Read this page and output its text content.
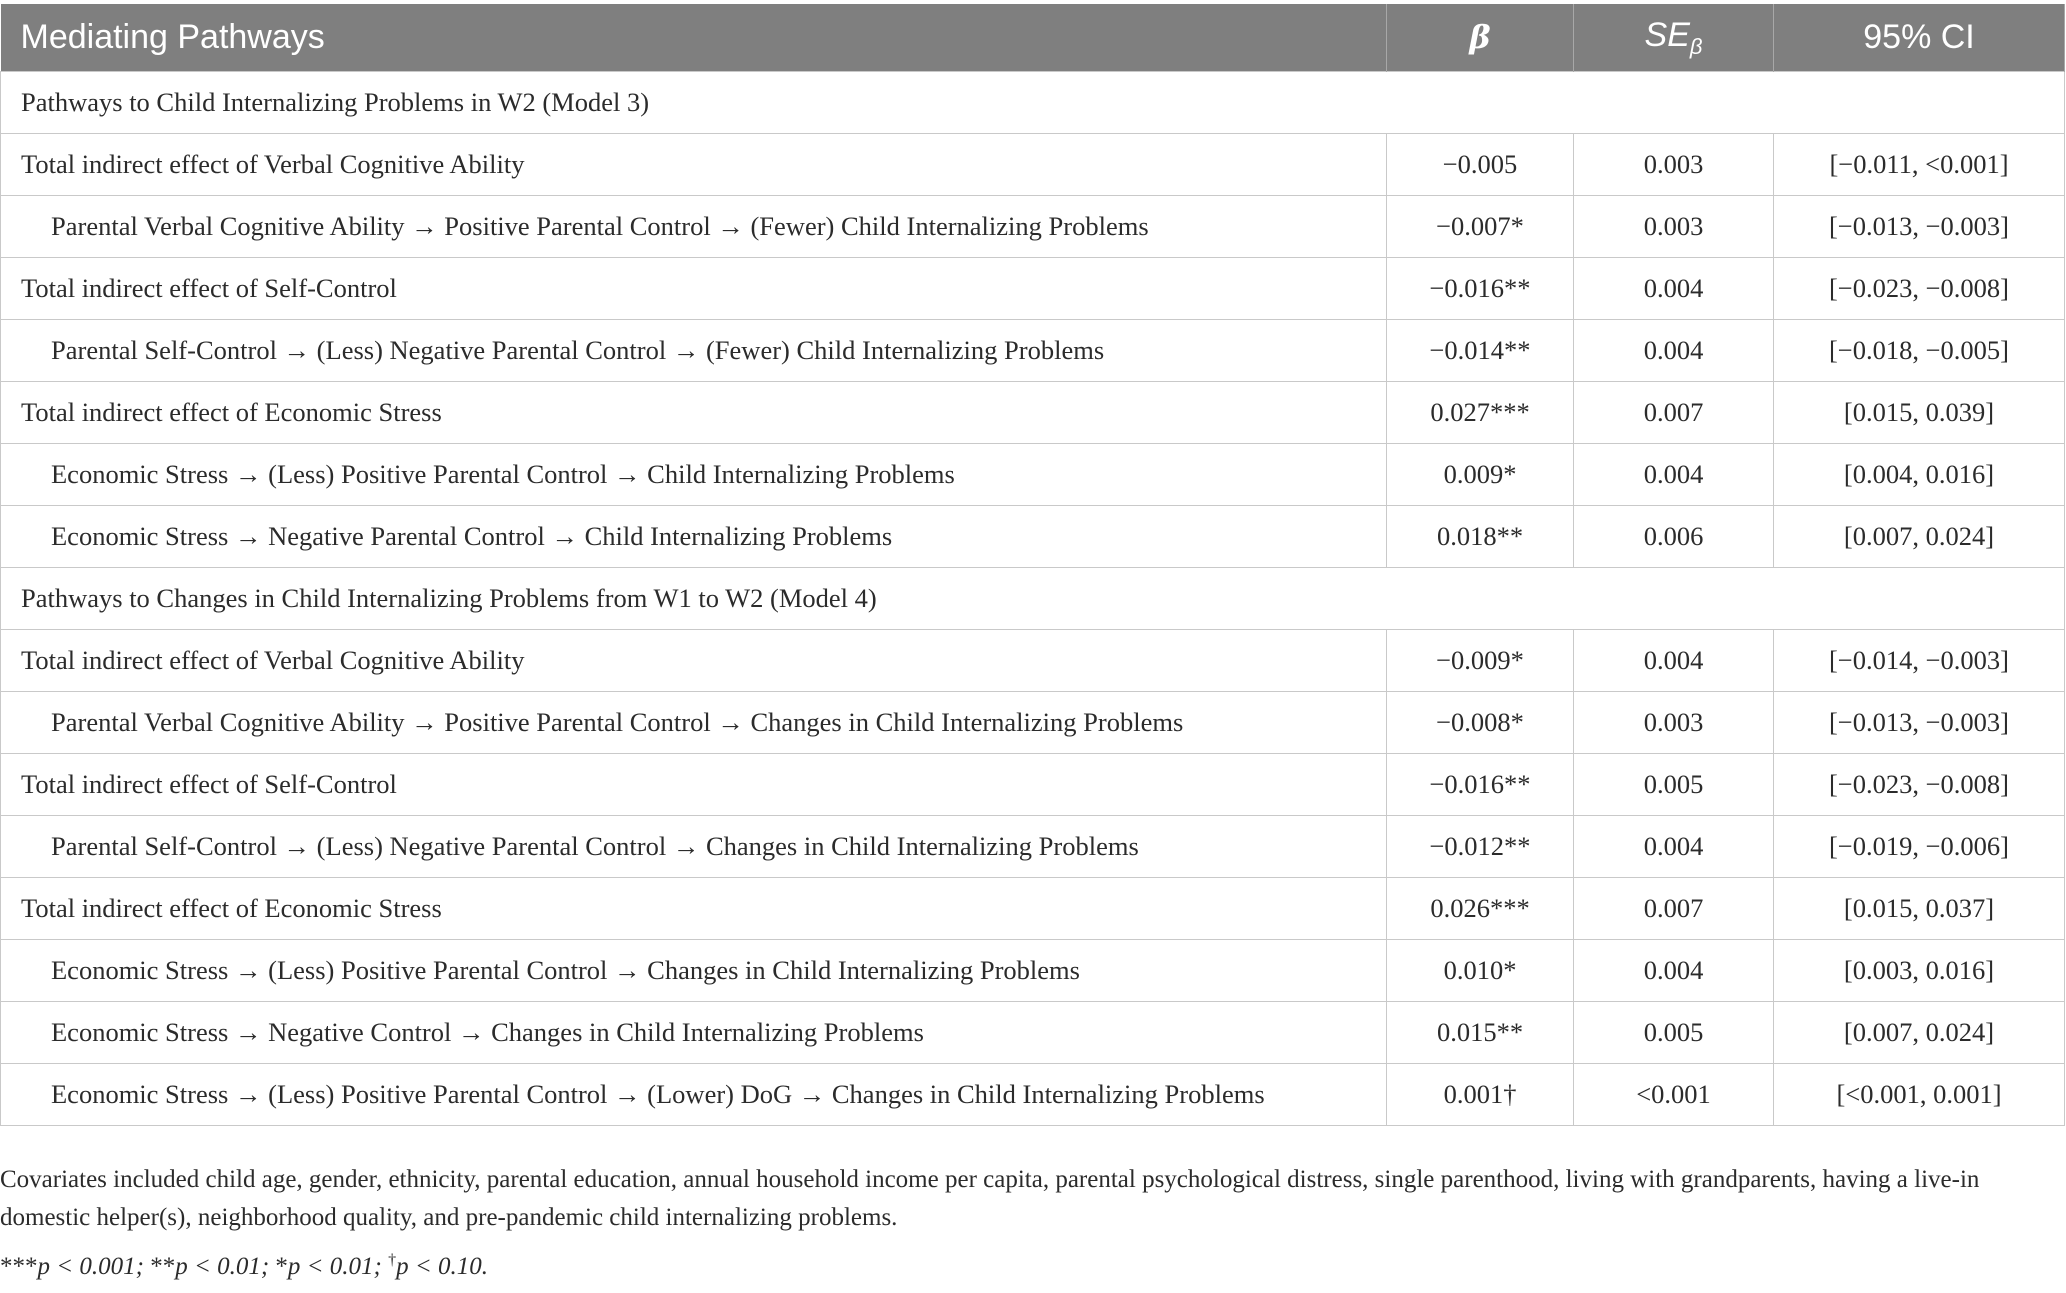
Mediating Pathways	β	$SE_\beta$	95% CI
Pathways to Child Internalizing Problems in W2 (Model 3)			
Total indirect effect of Verbal Cognitive Ability	−0.005	0.003	[−0.011, <0.001]
Parental Verbal Cognitive Ability → Positive Parental Control → (Fewer) Child Internalizing Problems	−0.007*	0.003	[−0.013, −0.003]
Total indirect effect of Self-Control	−0.016**	0.004	[−0.023, −0.008]
Parental Self-Control → (Less) Negative Parental Control → (Fewer) Child Internalizing Problems	−0.014**	0.004	[−0.018, −0.005]
Total indirect effect of Economic Stress	0.027***	0.007	[0.015, 0.039]
Economic Stress → (Less) Positive Parental Control → Child Internalizing Problems	0.009*	0.004	[0.004, 0.016]
Economic Stress → Negative Parental Control → Child Internalizing Problems	0.018**	0.006	[0.007, 0.024]
Pathways to Changes in Child Internalizing Problems from W1 to W2 (Model 4)			
Total indirect effect of Verbal Cognitive Ability	−0.009*	0.004	[−0.014, −0.003]
Parental Verbal Cognitive Ability → Positive Parental Control → Changes in Child Internalizing Problems	−0.008*	0.003	[−0.013, −0.003]
Total indirect effect of Self-Control	−0.016**	0.005	[−0.023, −0.008]
Parental Self-Control → (Less) Negative Parental Control → Changes in Child Internalizing Problems	−0.012**	0.004	[−0.019, −0.006]
Total indirect effect of Economic Stress	0.026***	0.007	[0.015, 0.037]
Economic Stress → (Less) Positive Parental Control → Changes in Child Internalizing Problems	0.010*	0.004	[0.003, 0.016]
Economic Stress → Negative Control → Changes in Child Internalizing Problems	0.015**	0.005	[0.007, 0.024]
Economic Stress → (Less) Positive Parental Control → (Lower) DoG → Changes in Child Internalizing Problems	0.001†	<0.001	[<0.001, 0.001]
Covariates included child age, gender, ethnicity, parental education, annual household income per capita, parental psychological distress, single parenthood, living with grandparents, having a live-in domestic helper(s), neighborhood quality, and pre-pandemic child internalizing problems.
***p < 0.001; **p < 0.01; *p < 0.01; †p < 0.10.
